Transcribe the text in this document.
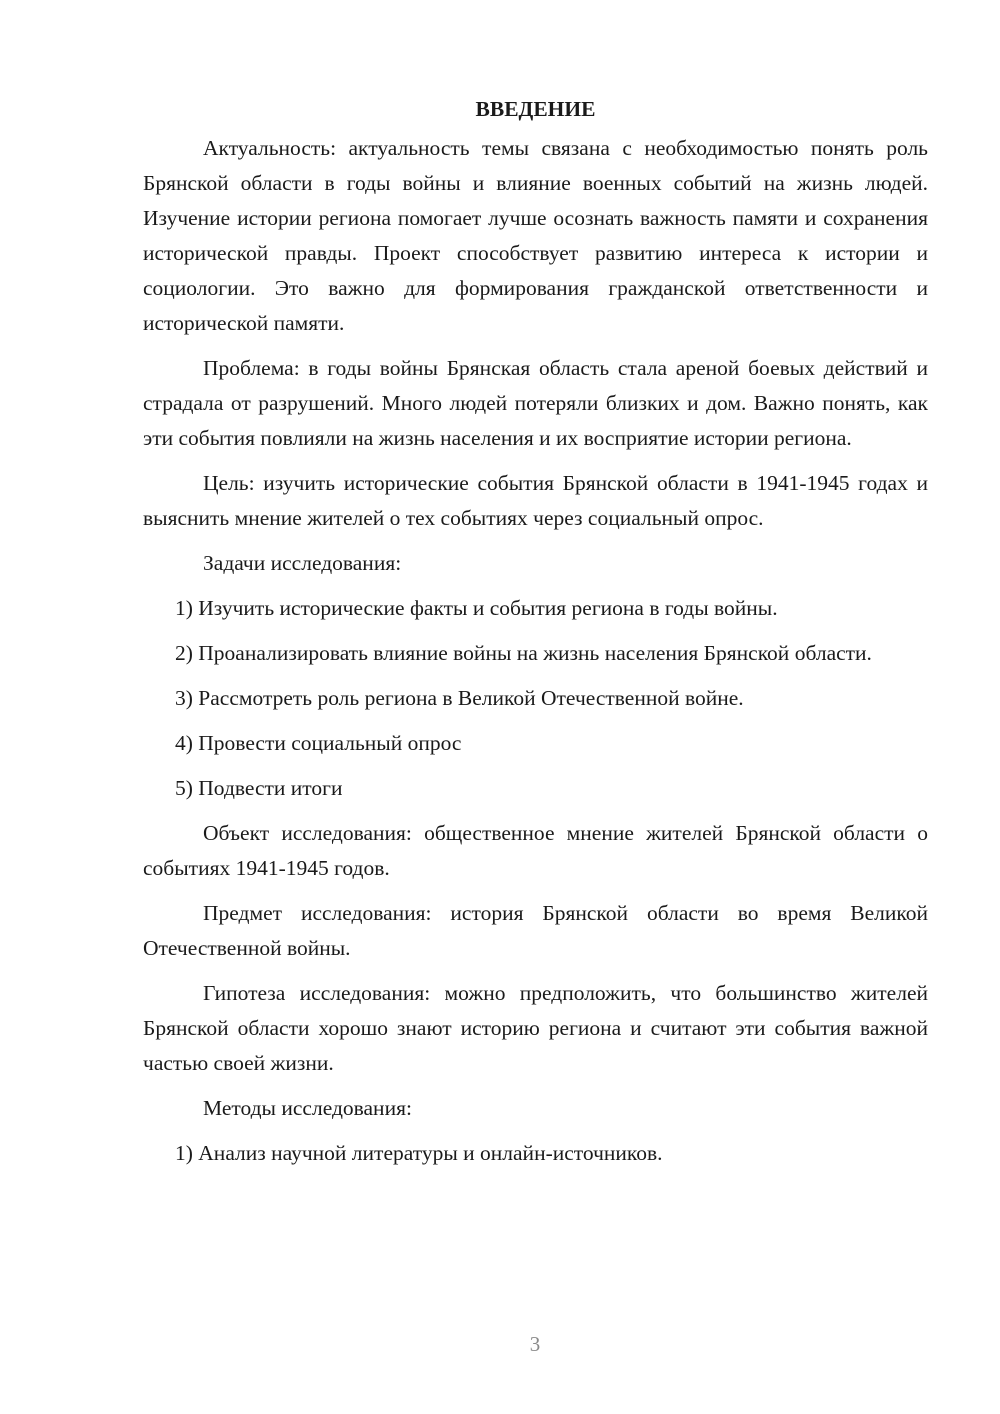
ВВЕДЕНИЕ

Актуальность: актуальность темы связана с необходимостью понять роль Брянской области в годы войны и влияние военных событий на жизнь людей. Изучение истории региона помогает лучше осознать важность памяти и сохранения исторической правды. Проект способствует развитию интереса к истории и социологии. Это важно для формирования гражданской ответственности и исторической памяти.

Проблема: в годы войны Брянская область стала ареной боевых действий и страдала от разрушений. Много людей потеряли близких и дом. Важно понять, как эти события повлияли на жизнь населения и их восприятие истории региона.

Цель: изучить исторические события Брянской области в 1941-1945 годах и выяснить мнение жителей о тех событиях через социальный опрос.

Задачи исследования:

1) Изучить исторические факты и события региона в годы войны.

2) Проанализировать влияние войны на жизнь населения Брянской области.

3) Рассмотреть роль региона в Великой Отечественной войне.

4) Провести социальный опрос

5) Подвести итоги

Объект исследования: общественное мнение жителей Брянской области о событиях 1941-1945 годов.

Предмет исследования: история Брянской области во время Великой Отечественной войны.

Гипотеза исследования: можно предположить, что большинство жителей Брянской области хорошо знают историю региона и считают эти события важной частью своей жизни.

Методы исследования:

1) Анализ научной литературы и онлайн-источников.

3
